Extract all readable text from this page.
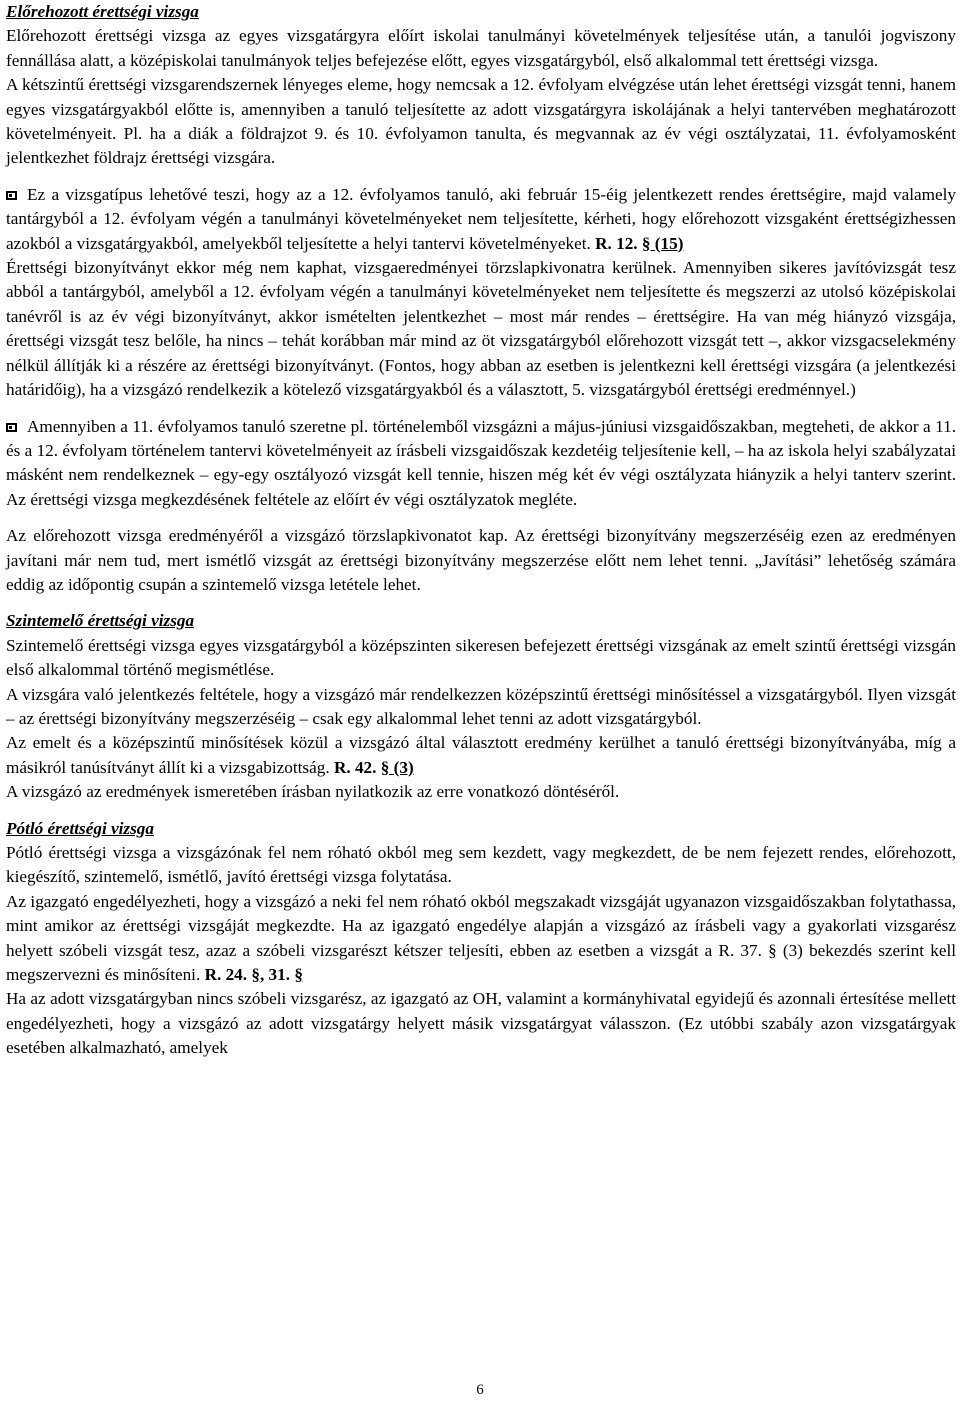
Előrehozott érettségi vizsga

Előrehozott érettségi vizsga az egyes vizsgatárgyra előírt iskolai tanulmányi követelmények teljesítése után, a tanulói jogviszony fennállása alatt, a középiskolai tanulmányok teljes befejezése előtt, egyes vizsgatárgyból, első alkalommal tett érettségi vizsga.

A kétszintű érettségi vizsgarendszernek lényeges eleme, hogy nemcsak a 12. évfolyam elvégzése után lehet érettségi vizsgát tenni, hanem egyes vizsgatárgyakból előtte is, amennyiben a tanuló teljesítette az adott vizsgatárgyra iskolájának a helyi tantervében meghatározott követelményeit. Pl. ha a diák a földrajzot 9. és 10. évfolyamon tanulta, és megvannak az év végi osztályzatai, 11. évfolyamosként jelentkezhet földrajz érettségi vizsgára.

Ez a vizsgatípus lehetővé teszi, hogy az a 12. évfolyamos tanuló, aki február 15-éig jelentkezett rendes érettségire, majd valamely tantárgyból a 12. évfolyam végén a tanulmányi követelményeket nem teljesítette, kérheti, hogy előrehozott vizsgaként érettségizhessen azokból a vizsgatárgyakból, amelyekből teljesítette a helyi tantervi követelményeket. R. 12. § (15)

Érettségi bizonyítványt ekkor még nem kaphat, vizsgaeredményei törzslapkivonatra kerülnek. Amennyiben sikeres javítóvizsgát tesz abból a tantárgyból, amelyből a 12. évfolyam végén a tanulmányi követelményeket nem teljesítette és megszerzi az utolsó középiskolai tanévről is az év végi bizonyítványt, akkor ismételten jelentkezhet – most már rendes – érettségire. Ha van még hiányzó vizsgája, érettségi vizsgát tesz belőle, ha nincs – tehát korábban már mind az öt vizsgatárgyból előrehozott vizsgát tett –, akkor vizsgacselekmény nélkül állítják ki a részére az érettségi bizonyítványt. (Fontos, hogy abban az esetben is jelentkezni kell érettségi vizsgára (a jelentkezési határidőig), ha a vizsgázó rendelkezik a kötelező vizsgatárgyakból és a választott, 5. vizsgatárgyból érettségi eredménnyel.)

Amennyiben a 11. évfolyamos tanuló szeretne pl. történelemből vizsgázni a május-júniusi vizsgaidőszakban, megteheti, de akkor a 11. és a 12. évfolyam történelem tantervi követelményeit az írásbeli vizsgaidőszak kezdetéig teljesítenie kell, – ha az iskola helyi szabályzatai másként nem rendelkeznek – egy-egy osztályozó vizsgát kell tennie, hiszen még két év végi osztályzata hiányzik a helyi tanterv szerint. Az érettségi vizsga megkezdésének feltétele az előírt év végi osztályzatok megléte.

Az előrehozott vizsga eredményéről a vizsgázó törzslapkivonatot kap. Az érettségi bizonyítvány megszerzéséig ezen az eredményen javítani már nem tud, mert ismétlő vizsgát az érettségi bizonyítvány megszerzése előtt nem lehet tenni. „Javítási” lehetőség számára eddig az időpontig csupán a szintemelő vizsga letétele lehet.

Szintemelő érettségi vizsga

Szintemelő érettségi vizsga egyes vizsgatárgyból a középszinten sikeresen befejezett érettségi vizsgának az emelt szintű érettségi vizsgán első alkalommal történő megismétlése.

A vizsgára való jelentkezés feltétele, hogy a vizsgázó már rendelkezzen középszintű érettségi minősítéssel a vizsgatárgyból. Ilyen vizsgát – az érettségi bizonyítvány megszerzéséig – csak egy alkalommal lehet tenni az adott vizsgatárgyból.

Az emelt és a középszintű minősítések közül a vizsgázó által választott eredmény kerülhet a tanuló érettségi bizonyítványába, míg a másikról tanúsítványt állít ki a vizsgabizottság. R. 42. § (3)

A vizsgázó az eredmények ismeretében írásban nyilatkozik az erre vonatkozó döntéséről.

Pótló érettségi vizsga

Pótló érettségi vizsga a vizsgázónak fel nem róható okból meg sem kezdett, vagy megkezdett, de be nem fejezett rendes, előrehozott, kiegészítő, szintemelő, ismétlő, javító érettségi vizsga folytatása.

Az igazgató engedélyezheti, hogy a vizsgázó a neki fel nem róható okból megszakadt vizsgáját ugyanazon vizsgaidőszakban folytathassa, mint amikor az érettségi vizsgáját megkezdte. Ha az igazgató engedélye alapján a vizsgázó az írásbeli vagy a gyakorlati vizsgarész helyett szóbeli vizsgát tesz, azaz a szóbeli vizsgarészt kétszer teljesíti, ebben az esetben a vizsgát a R. 37. § (3) bekezdés szerint kell megszervezni és minősíteni. R. 24. §, 31. §

Ha az adott vizsgatárgyban nincs szóbeli vizsgarész, az igazgató az OH, valamint a kormányhivatal egyidejű és azonnali értesítése mellett engedélyezheti, hogy a vizsgázó az adott vizsgatárgy helyett másik vizsgatárgyat válasszon. (Ez utóbbi szabály azon vizsgatárgyak esetében alkalmazható, amelyek

6
